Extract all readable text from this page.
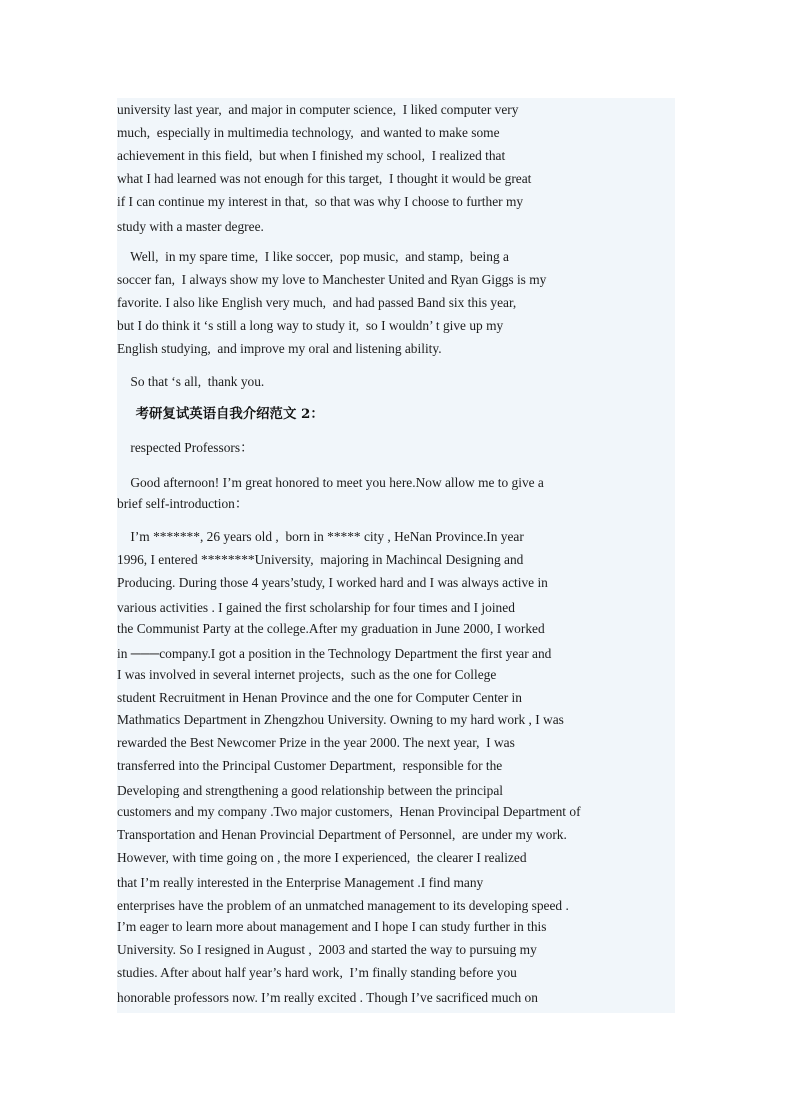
university last year,  and major in computer science,  I liked computer very
much,  especially in multimedia technology,  and wanted to make some
achievement in this field,  but when I finished my school,  I realized that
what I had learned was not enough for this target,  I thought it would be great
if I can continue my interest in that,  so that was why I choose to further my
study with a master degree.
Well,  in my spare time,  I like soccer,  pop music,  and stamp,  being a
soccer fan,  I always show my love to Manchester United and Ryan Giggs is my
favorite. I also like English very much,  and had passed Band six this year,
but I do think it ‘s still a long way to study it,  so I wouldn’ t give up my
English studying,  and improve my oral and listening ability.
So that ‘s all,  thank you.
考研复试英语自我介绍范文 2：
respected Professors：
Good afternoon! I’m great honored to meet you here.Now allow me to give a
brief self-introduction：
I’m *******, 26 years old ,  born in ***** city , HeNan Province.In year
1996, I entered ********University,  majoring in Machincal Designing and
Producing. During those 4 years’study, I worked hard and I was always active in
various activities . I gained the first scholarship for four times and I joined
the Communist Party at the college.After my graduation in June 2000, I worked
in ───company.I got a position in the Technology Department the first year and
I was involved in several internet projects,  such as the one for College
student Recruitment in Henan Province and the one for Computer Center in
Mathmatics Department in Zhengzhou University. Owning to my hard work , I was
rewarded the Best Newcomer Prize in the year 2000. The next year,  I was
transferred into the Principal Customer Department,  responsible for the
Developing and strengthening a good relationship between the principal
customers and my company .Two major customers,  Henan Provincipal Department of
Transportation and Henan Provincial Department of Personnel,  are under my work.
However, with time going on , the more I experienced,  the clearer I realized
that I’m really interested in the Enterprise Management .I find many
enterprises have the problem of an unmatched management to its developing speed .
I’m eager to learn more about management and I hope I can study further in this
University. So I resigned in August ,  2003 and started the way to pursuing my
studies. After about half year’s hard work,  I’m finally standing before you
honorable professors now. I’m really excited . Though I’ve sacrificed much on
